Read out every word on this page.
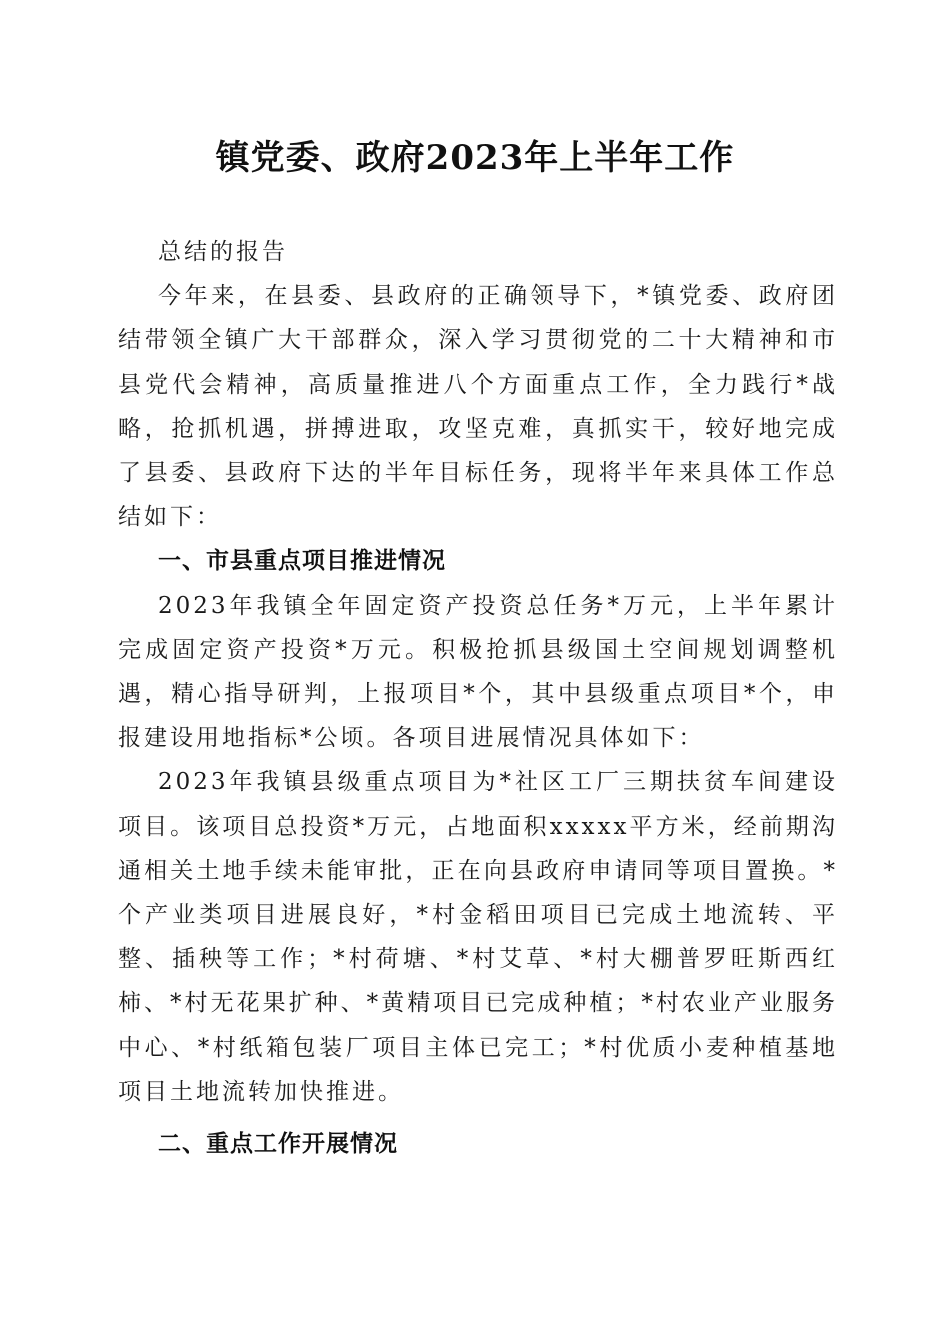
镇党委、政府2023年上半年工作

总结的报告

今年来，在县委、县政府的正确领导下，*镇党委、政府团结带领全镇广大干部群众，深入学习贯彻党的二十大精神和市县党代会精神，高质量推进八个方面重点工作，全力践行*战略，抢抓机遇，拼搏进取，攻坚克难，真抓实干，较好地完成了县委、县政府下达的半年目标任务，现将半年来具体工作总结如下：

一、市县重点项目推进情况

2023年我镇全年固定资产投资总任务*万元，上半年累计完成固定资产投资*万元。积极抢抓县级国土空间规划调整机遇，精心指导研判，上报项目*个，其中县级重点项目*个，申报建设用地指标*公顷。各项目进展情况具体如下：

2023年我镇县级重点项目为*社区工厂三期扶贫车间建设项目。该项目总投资*万元，占地面积xxxxx平方米，经前期沟通相关土地手续未能审批，正在向县政府申请同等项目置换。*个产业类项目进展良好，*村金稻田项目已完成土地流转、平整、插秧等工作；*村荷塘、*村艾草、*村大棚普罗旺斯西红柿、*村无花果扩种、*黄精项目已完成种植；*村农业产业服务中心、*村纸箱包装厂项目主体已完工；*村优质小麦种植基地项目土地流转加快推进。

二、重点工作开展情况
